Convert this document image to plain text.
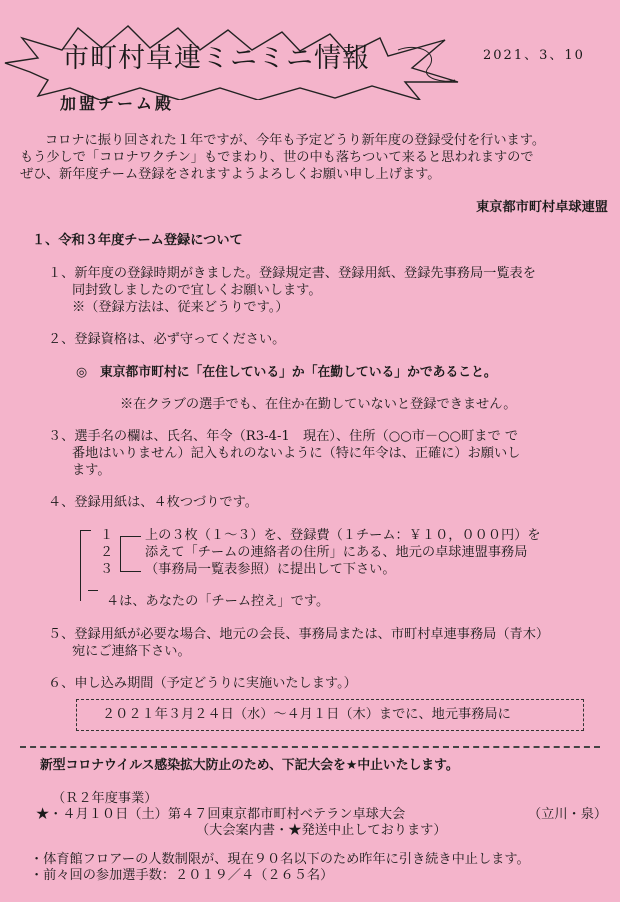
市町村卓連ミニミニ情報	2021、3、10
加盟チーム殿
コロナに振り回された１年ですが、今年も予定どうり新年度の登録受付を行います。
もう少しで「コロナワクチン」もでまわり、世の中も落ちついて来ると思われますので
ぜひ、新年度チーム登録をされますようよろしくお願い申し上げます。
東京都市町村卓球連盟
１、令和３年度チーム登録について
１、新年度の登録時期がきました。登録規定書、登録用紙、登録先事務局一覧表を
同封致しましたので宜しくお願いします。
※（登録方法は、従来どうりです。）
２、登録資格は、必ず守ってください。
◎　東京都市町村に「在住している」か「在勤している」かであること。
※在クラブの選手でも、在住か在勤していないと登録できません。
３、選手名の欄は、氏名、年令（R3-4-1　現在）、住所（○○市－○○町まで で
番地はいりません）記入もれのないように（特に年令は、正確に）お願いし
ます。
４、登録用紙は、４枚つづりです。
１
２
３
上の３枚（１～３）を、登録費（１チーム：￥１０，０００円）を
添えて「チームの連絡者の住所」にある、地元の卓球連盟事務局
（事務局一覧表参照）に提出して下さい。
４は、あなたの「チーム控え」です。
５、登録用紙が必要な場合、地元の会長、事務局または、市町村卓連事務局（青木）
宛にご連絡下さい。
６、申し込み期間（予定どうりに実施いたします。）
２０２１年３月２４日（水）～４月１日（木）までに、地元事務局に
新型コロナウイルス感染拡大防止のため、下記大会を★中止いたします。
（Ｒ２年度事業）
★・４月１０日（土）第４７回東京都市町村ベテラン卓球大会	（立川・泉）
（大会案内書・★発送中止しております）
・体育館フロアーの人数制限が、現在９０名以下のため昨年に引き続き中止します。
・前々回の参加選手数：２０１９／４（２６５名）
